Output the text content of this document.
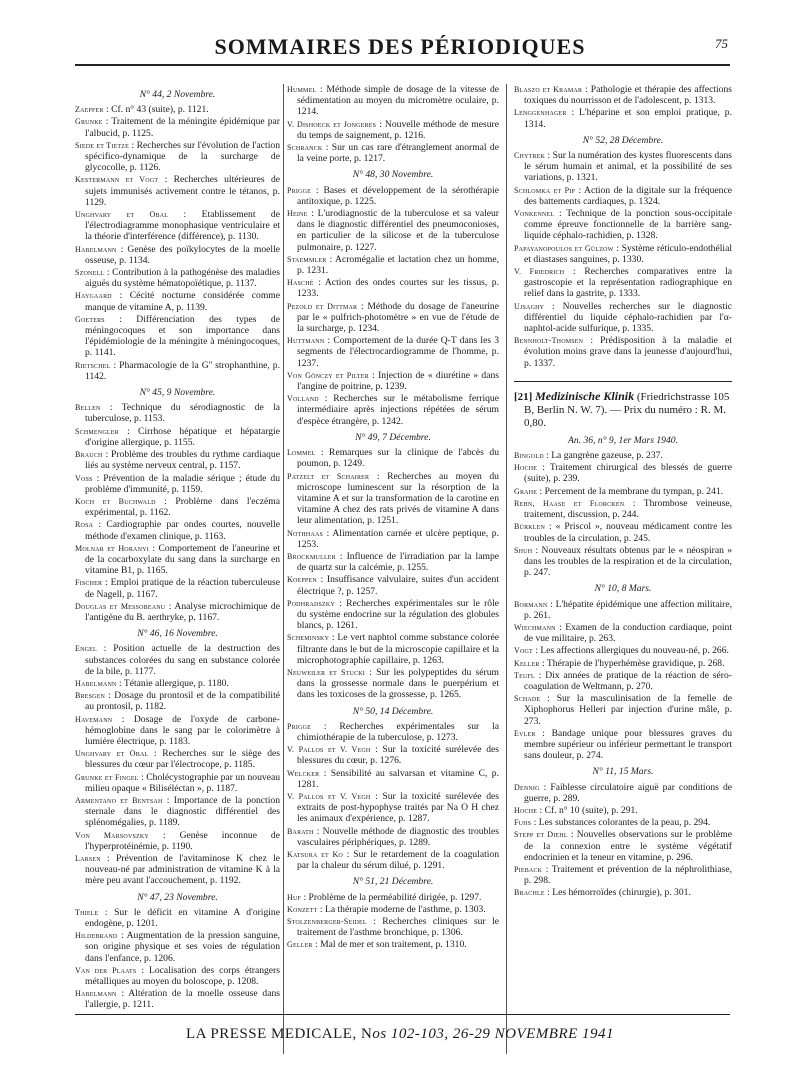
SOMMAIRES DES PÉRIODIQUES	75
N° 44, 2 Novembre.
Zaepfer : Cf. n° 43 (suite), p. 1121.
Grunke : Traitement de la méningite épidémique par l'albucid, p. 1125.
Siede et Tietze : Recherches sur l'évolution de l'action spécifico-dynamique de la surcharge de glycocolle, p. 1126.
Kestermann et Vogt : Recherches ultérieures de sujets immunisés activement contre le tétanos, p. 1129.
Unghvary et Obal : Etablissement de l'électrodiagramme monophasique ventriculaire et la théorie d'interférence (différence), p. 1130.
Habelmann : Genèse des poïkylocytes de la moelle osseuse, p. 1134.
Szonell : Contribution à la pathogénèse des maladies aiguës du système hématopoïétique, p. 1137.
Haygaard : Cécité nocturne considérée comme manque de vitamine A, p. 1139.
Goeters : Différenciation des types de méningocoques et son importance dans l'épidémiologie de la méningite à méningocoques, p. 1141.
Rietschel : Pharmacologie de la G'' strophanthine, p. 1142.
N° 45, 9 Novembre.
Bellen : Technique du sérodiagnostic de la tuberculose, p. 1153.
Schmengler : Cirrhose hépatique et hépatargie d'origine allergique, p. 1155.
Brauch : Problème des troubles du rythme cardiaque liés au système nerveux central, p. 1157.
Voss : Prévention de la maladie sérique ; étude du problème d'immunité, p. 1159.
Koch et Buchwald : Problème dans l'eczéma expérimental, p. 1162.
Rosa : Cardiographie par ondes courtes, nouvelle méthode d'examen clinique, p. 1163.
Molnar et Horanyi : Comportement de l'aneurine et de la cocarboxylate du sang dans la surcharge en vitamine B1, p. 1165.
Fischer : Emploi pratique de la réaction tuberculeuse de Nagell, p. 1167.
Douglas et Messobeanu : Analyse microchimique de l'antigène du B. aerthryke, p. 1167.
N° 46, 16 Novembre.
Engel : Position actuelle de la destruction des substances colorées du sang en substance colorée de la bile, p. 1177.
Habelmann : Tétanie allergique, p. 1180.
Bresgen : Dosage du prontosil et de la compatibilité au prontosil, p. 1182.
Havemann : Dosage de l'oxyde de carbone-hémoglobine dans le sang par le colorimètre à lumière électrique, p. 1183.
Unghvary et Obal : Recherches sur le siège des blessures du cœur par l'électrocope, p. 1185.
Grunke et Fingel : Cholécystographie par un nouveau milieu opaque « Biliséléctan », p. 1187.
Armentano et Bentsah : Importance de la ponction sternale dans le diagnostic différentiel des splénomégalies, p. 1189.
Von Marsovszky : Genèse inconnue de l'hyperprotéinémie, p. 1190.
Larsen : Prévention de l'avitaminose K chez le nouveau-né par administration de vitamine K à la mère peu avant l'accouchement, p. 1192.
N° 47, 23 Novembre.
Thiele : Sur le déficit en vitamine A d'origine endogène, p. 1201.
Hildebrand : Augmentation de la pression sanguine, son origine physique et ses voies de régulation dans l'enfance, p. 1206.
Van der Plaats : Localisation des corps étrangers métalliques au moyen du boloscope, p. 1208.
Habelmann : Altération de la moelle osseuse dans l'allergie, p. 1211.
Hummel : Méthode simple de dosage de la vitesse de sédimentation au moyen du micromètre oculaire, p. 1214.
V. Dishoeck et Jongeres : Nouvelle méthode de mesure du temps de saignement, p. 1216.
Schranck : Sur un cas rare d'étranglement anormal de la veine porte, p. 1217.
N° 48, 30 Novembre.
Prigge : Bases et développement de la sérothérapie antitoxique, p. 1225.
Heine : L'urodiagnostic de la tuberculose et sa valeur dans le diagnostic différentiel des pneumoconioses, en particulier de la silicose et de la tuberculose pulmonaire, p. 1227.
Staemmler : Acromégalie et lactation chez un homme, p. 1231.
Hasché : Action des ondes courtes sur les tissus, p. 1233.
Pezold et Dittmar : Méthode du dosage de l'aneurine par le « pulfrich-photomètre » en vue de l'étude de la surcharge, p. 1234.
Huttmann : Comportement de la durée Q-T dans les 3 segments de l'électrocardiogramme de l'homme, p. 1237.
Von Gönczy et Pilter : Injection de « diurétine » dans l'angine de poitrine, p. 1239.
Volland : Recherches sur le métabolisme ferrique intermédiaire après injections répétées de sérum d'espèce étrangère, p. 1242.
N° 49, 7 Décembre.
Lommel : Remarques sur la clinique de l'abcès du poumon, p. 1249.
Patzelt et Schairer : Recherches au moyen du microscope luminescent sur la résorption de la vitamine A et sur la transformation de la carotine en vitamine A chez des rats privés de vitamine A dans leur alimentation, p. 1251.
Nothhaas : Alimentation carnée et ulcère peptique, p. 1253.
Brockmuller : Influence de l'irradiation par la lampe de quartz sur la calcémie, p. 1255.
Koeppen : Insuffisance valvulaire, suites d'un accident électrique ?, p. 1257.
Podhradszky : Recherches expérimentales sur le rôle du système endocrine sur la régulation des globules blancs, p. 1261.
Scheminsky : Le vert naphtol comme substance colorée filtrante dans le but de la microscopie capillaire et la microphotographie capillaire, p. 1263.
Neuweiler et Stucki : Sur les polypeptides du sérum dans la grossesse normale dans le puerpérium et dans les toxicoses de la grossesse, p. 1265.
N° 50, 14 Décembre.
Prigge : Recherches expérimentales sur la chimiothérapie de la tuberculose, p. 1273.
V. Pallos et V. Vegh : Sur la toxicité surélevée des blessures du cœur, p. 1276.
Welcker : Sensibilité au salvarsan et vitamine C, p. 1281.
V. Pallos et V. Vegh : Sur la toxicité surélevée des extraits de post-hypophyse traités par Na O H chez les animaux d'expérience, p. 1287.
Barath : Nouvelle méthode de diagnostic des troubles vasculaires périphériques, p. 1289.
Katsura et Ko : Sur le retardement de la coagulation par la chaleur du sérum dilué, p. 1291.
N° 51, 21 Décembre.
Huf : Problème de la perméabilité dirigée, p. 1297.
Konzett : La thérapie moderne de l'asthme, p. 1303.
Stolzenberger-Seidel : Recherches cliniques sur le traitement de l'asthme bronchique, p. 1306.
Geller : Mal de mer et son traitement, p. 1310.
Blaszo et Kramar : Pathologie et thérapie des affections toxiques du nourrisson et de l'adolescent, p. 1313.
Lenggenhager : L'héparine et son emploi pratique, p. 1314.
N° 52, 28 Décembre.
Chytrek : Sur la numération des kystes fluorescents dans le sérum humain et animal, et la possibilité de ses variations, p. 1321.
Schlomka et Pip : Action de la digitale sur la fréquence des battements cardiaques, p. 1324.
Vonkennel : Technique de la ponction sous-occipitale comme épreuve fonctionnelle de la barrière sang-liquide céphalo-rachidien, p. 1328.
Papayanopoulos et Gülzow : Système réticulo-endothélial et diastases sanguines, p. 1330.
V. Friedrich : Recherches comparatives entre la gastroscopie et la représentation radiographique en relief dans la gastrite, p. 1333.
Ujsaghy : Nouvelles recherches sur le diagnostic différentiel du liquide céphalo-rachidien par l'α-naphtol-acide sulfurique, p. 1335.
Bennholt-Thomsen : Prédisposition à la maladie et évolution moins grave dans la jeunesse d'aujourd'hui, p. 1337.
[21] Medizinische Klinik (Friedrichstrasse 105 B, Berlin N. W. 7). — Prix du numéro : R. M. 0,80.
An. 36, n° 9, 1er Mars 1940.
Bingold : La gangrène gazeuse, p. 237.
Hoche : Traitement chirurgical des blessés de guerre (suite), p. 239.
Grahe : Percement de la membrane du tympan, p. 241.
Rehn, Haase et Florcken : Thrombose veineuse, traitement, discussion, p. 244.
Bürklen : « Priscol », nouveau médicament contre les troubles de la circulation, p. 245.
Shuh : Nouveaux résultats obtenus par le « néospiran » dans les troubles de la respiration et de la circulation, p. 247.
N° 10, 8 Mars.
Bormann : L'hépatite épidémique une affection militaire, p. 261.
Wiechmann : Examen de la conduction cardiaque, point de vue militaire, p. 263.
Vogt : Les affections allergiques du nouveau-né, p. 266.
Keller : Thérapie de l'hyperhémèse gravidique, p. 268.
Teufl : Dix années de pratique de la réaction de séro-coagulation de Weltmann, p. 270.
Schade : Sur la masculinisation de la femelle de Xiphophorus Helleri par injection d'urine mâle, p. 273.
Evler : Bandage unique pour blessures graves du membre supérieur ou inférieur permettant le transport sans douleur, p. 274.
N° 11, 15 Mars.
Dennig : Faiblesse circulatoire aiguë par conditions de guerre, p. 289.
Hoche : Cf. n° 10 (suite), p. 291.
Fuhs : Les substances colorantes de la peau, p. 294.
Stepp et Diehl : Nouvelles observations sur le problème de la connexion entre le système végétatif endocrinien et la teneur en vitamine, p. 296.
Pieback : Traitement et prévention de la néphrolithiase, p. 298.
Brachle : Les hémorroïdes (chirurgie), p. 301.
LA PRESSE MEDICALE, Nos 102-103, 26-29 NOVEMBRE 1941
